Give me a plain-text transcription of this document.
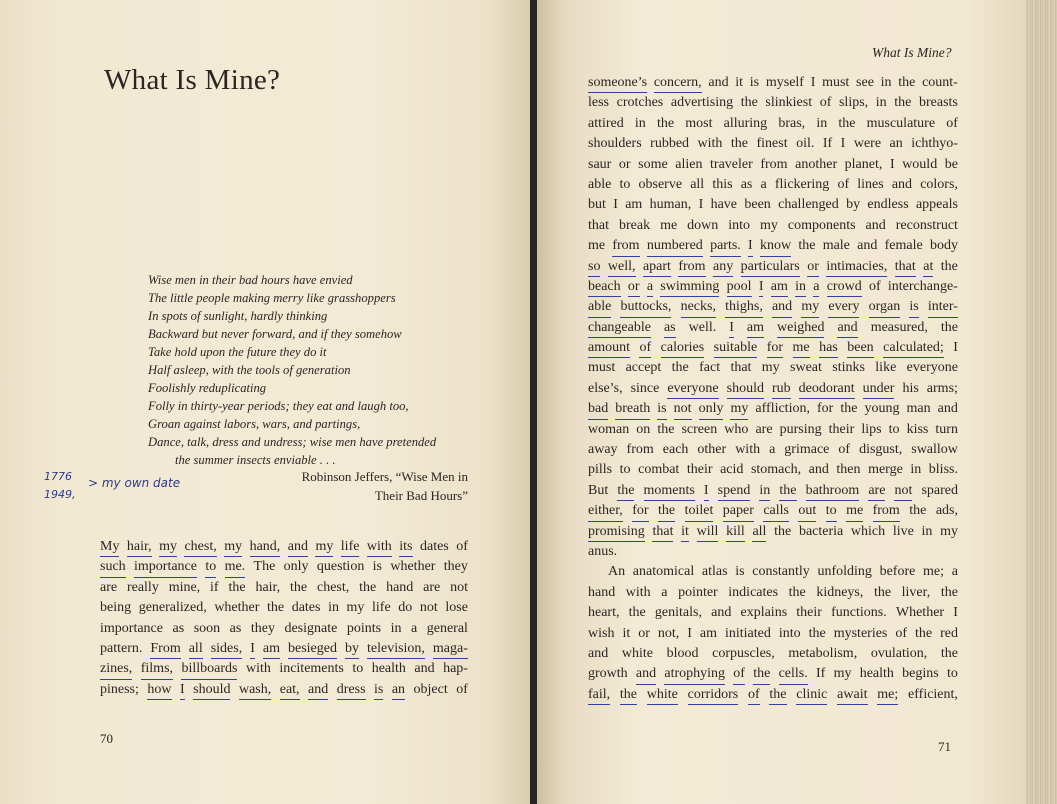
What Is Mine?
Wise men in their bad hours have envied
The little people making merry like grasshoppers
In spots of sunlight, hardly thinking
Backward but never forward, and if they somehow
Take hold upon the future they do it
Half asleep, with the tools of generation
Foolishly reduplicating
Folly in thirty-year periods; they eat and laugh too,
Groan against labors, wars, and partings,
Dance, talk, dress and undress; wise men have pretended
the summer insects enviable . . .
Robinson Jeffers, “Wise Men in
Their Bad Hours”
1776
1949,
> my own date
My hair, my chest, my hand, and my life with its dates of
such importance to me. The only question is whether they
are really mine, if the hair, the chest, the hand are not
being generalized, whether the dates in my life do not lose
importance as soon as they designate points in a general
pattern. From all sides, I am besieged by television, maga-
zines, films, billboards with incitements to health and hap-
piness; how I should wash, eat, and dress is an object of
70
71
What Is Mine?
someone’s concern, and it is myself I must see in the count-
less crotches advertising the slinkiest of slips, in the breasts
attired in the most alluring bras, in the musculature of
shoulders rubbed with the finest oil. If I were an ichthyo-
saur or some alien traveler from another planet, I would be
able to observe all this as a flickering of lines and colors,
but I am human, I have been challenged by endless appeals
that break me down into my components and reconstruct
me from numbered parts. I know the male and female body
so well, apart from any particulars or intimacies, that at the
beach or a swimming pool I am in a crowd of interchange-
able buttocks, necks, thighs, and my every organ is inter-
changeable as well. I am weighed and measured, the
amount of calories suitable for me has been calculated; I
must accept the fact that my sweat stinks like everyone
else’s, since everyone should rub deodorant under his arms;
bad breath is not only my affliction, for the young man and
woman on the screen who are pursing their lips to kiss turn
away from each other with a grimace of disgust, swallow
pills to combat their acid stomach, and then merge in bliss.
But the moments I spend in the bathroom are not spared
either, for the toilet paper calls out to me from the ads,
promising that it will kill all the bacteria which live in my
anus.
An anatomical atlas is constantly unfolding before me; a
hand with a pointer indicates the kidneys, the liver, the
heart, the genitals, and explains their functions. Whether I
wish it or not, I am initiated into the mysteries of the red
and white blood corpuscles, metabolism, ovulation, the
growth and atrophying of the cells. If my health begins to
fail, the white corridors of the clinic await me; efficient,
